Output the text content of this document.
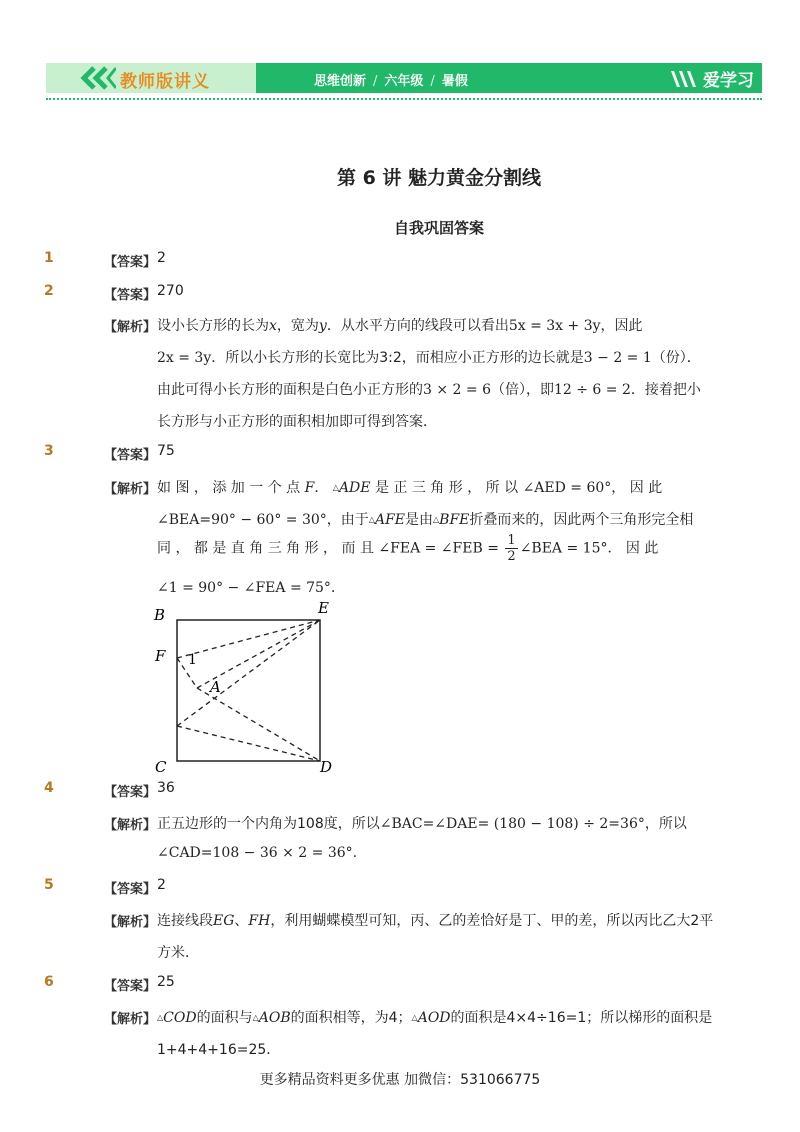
教师版讲义	思维创新 / 六年级 / 暑假	爱学习
第 6 讲 魅力黄金分割线
自我巩固答案
1	【答案】 2
2	【答案】 270
【解析】 设小长方形的长为x，宽为y．从水平方向的线段可以看出5x = 3x + 3y，因此
2x = 3y．所以小长方形的长宽比为3:2，而相应小正方形的边长就是3 − 2 = 1（份）．
由此可得小长方形的面积是白色小正方形的3 × 2 = 6（倍），即12 ÷ 6 = 2．接着把小
长方形与小正方形的面积相加即可得到答案．
3	【答案】 75
【解析】 如 图 ， 添 加 一 个 点 F． △ADE 是 正 三 角 形 ， 所 以 ∠AED = 60°， 因 此
∠BEA=90° − 60° = 30°，由于△AFE是由△BFE折叠而来的，因此两个三角形完全相
同 ， 都 是 直 角 三 角 形 ， 而 且 ∠FEA = ∠FEB = $\frac{1}{2}$ ∠BEA = 15°． 因 此
∠1 = 90° − ∠FEA = 75°．
B	E
F 1
A
C	D
4	【答案】 36
【解析】 正五边形的一个内角为108度，所以∠BAC=∠DAE= (180 − 108) ÷ 2=36°，所以
∠CAD=108 − 36 × 2 = 36°.
5	【答案】 2
【解析】 连接线段EG、FH，利用蝴蝶模型可知，丙、乙的差恰好是丁、甲的差，所以丙比乙大2平
方米．
6	【答案】 25
【解析】 △COD的面积与△AOB的面积相等，为4；△AOD的面积是4×4÷16=1；所以梯形的面积是
1+4+4+16=25．
更多精品资料更多优惠 加微信：531066775
